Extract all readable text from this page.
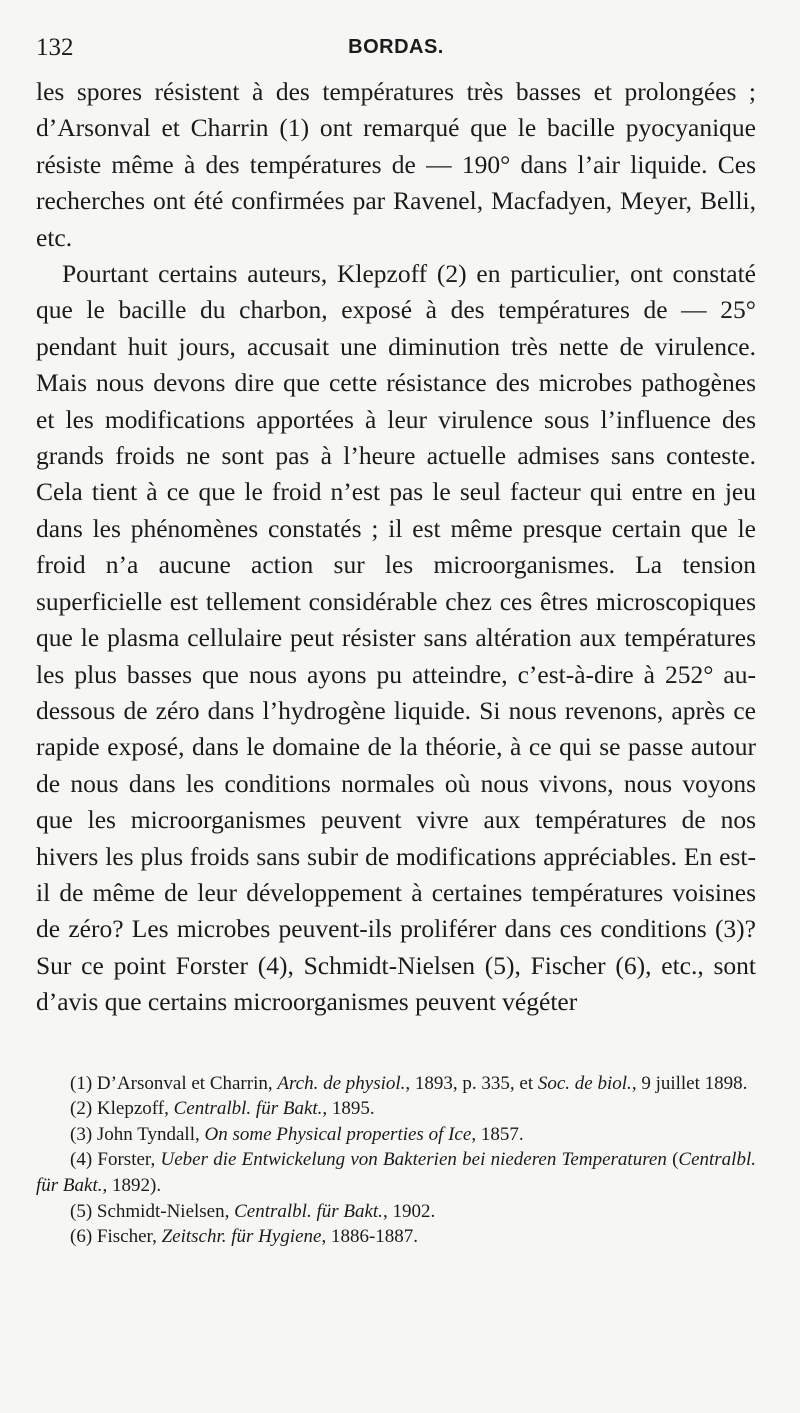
132	BORDAS.

les spores résistent à des températures très basses et prolongées ; d’Arsonval et Charrin (1) ont remarqué que le bacille pyocyanique résiste même à des températures de — 190° dans l’air liquide. Ces recherches ont été confirmées par Ravenel, Macfadyen, Meyer, Belli, etc.

Pourtant certains auteurs, Klepzoff (2) en particulier, ont constaté que le bacille du charbon, exposé à des températures de — 25° pendant huit jours, accusait une diminution très nette de virulence. Mais nous devons dire que cette résistance des microbes pathogènes et les modifications apportées à leur virulence sous l’influence des grands froids ne sont pas à l’heure actuelle admises sans conteste. Cela tient à ce que le froid n’est pas le seul facteur qui entre en jeu dans les phénomènes constatés ; il est même presque certain que le froid n’a aucune action sur les microorganismes. La tension superficielle est tellement considérable chez ces êtres microscopiques que le plasma cellulaire peut résister sans altération aux températures les plus basses que nous ayons pu atteindre, c’est-à-dire à 252° au-dessous de zéro dans l’hydrogène liquide. Si nous revenons, après ce rapide exposé, dans le domaine de la théorie, à ce qui se passe autour de nous dans les conditions normales où nous vivons, nous voyons que les microorganismes peuvent vivre aux températures de nos hivers les plus froids sans subir de modifications appréciables. En est-il de même de leur développement à certaines températures voisines de zéro? Les microbes peuvent-ils proliférer dans ces conditions (3)? Sur ce point Forster (4), Schmidt-Nielsen (5), Fischer (6), etc., sont d’avis que certains microorganismes peuvent végéter

(1) D’Arsonval et Charrin, Arch. de physiol., 1893, p. 335, et Soc. de biol., 9 juillet 1898.

(2) Klepzoff, Centralbl. für Bakt., 1895.

(3) John Tyndall, On some Physical properties of Ice, 1857.

(4) Forster, Ueber die Entwickelung von Bakterien bei niederen Temperaturen (Centralbl. für Bakt., 1892).

(5) Schmidt-Nielsen, Centralbl. für Bakt., 1902.

(6) Fischer, Zeitschr. für Hygiene, 1886-1887.
